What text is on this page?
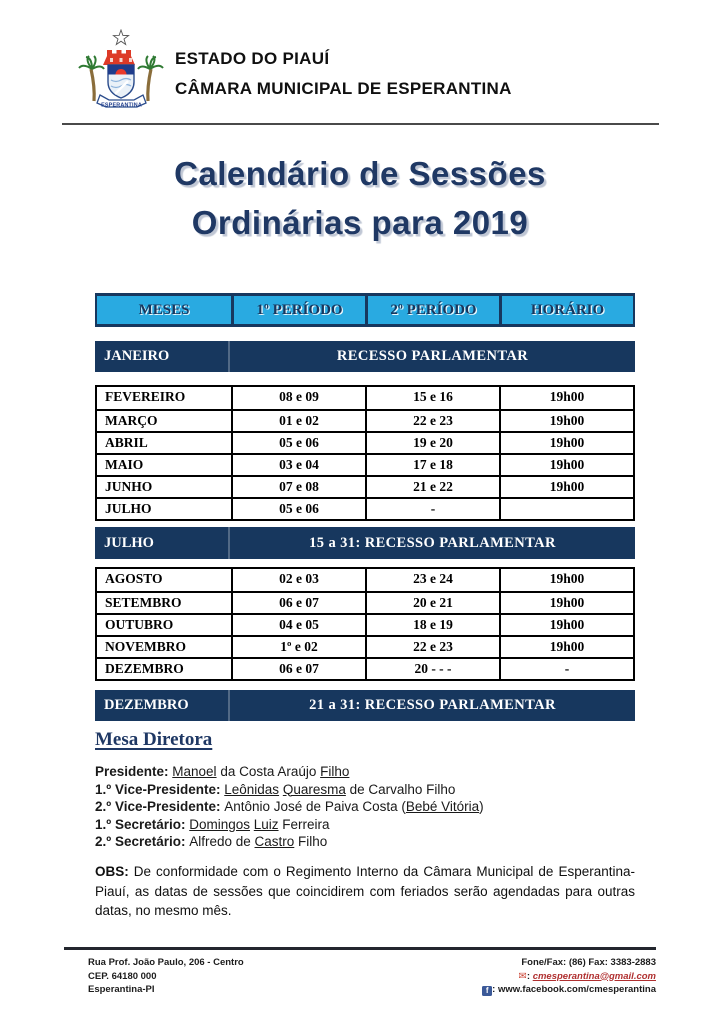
ESPERANTINA
ESTADO DO PIAUÍ
CÂMARA MUNICIPAL DE ESPERANTINA
Calendário de Sessões
Ordinárias para 2019
MESES	1º PERÍODO	2º PERÍODO	HORÁRIO
JANEIRO	RECESSO PARLAMENTAR
FEVEREIRO	08 e 09	15 e 16	19h00
MARÇO	01 e 02	22 e 23	19h00
ABRIL	05 e 06	19 e 20	19h00
MAIO	03 e 04	17 e 18	19h00
JUNHO	07 e 08	21 e 22	19h00
JULHO	05 e 06	-
JULHO	15 a 31: RECESSO PARLAMENTAR
AGOSTO	02 e 03	23 e 24	19h00
SETEMBRO	06 e 07	20 e 21	19h00
OUTUBRO	04 e 05	18 e 19	19h00
NOVEMBRO	1º e 02	22 e 23	19h00
DEZEMBRO	06 e 07	20 - - -	-
DEZEMBRO	21 a 31: RECESSO PARLAMENTAR
Mesa Diretora
Presidente: Manoel da Costa Araújo Filho
1.º Vice-Presidente: Leônidas Quaresma de Carvalho Filho
2.º Vice-Presidente: Antônio José de Paiva Costa (Bebé Vitória)
1.º Secretário: Domingos Luiz Ferreira
2.º Secretário: Alfredo de Castro Filho

OBS: De conformidade com o Regimento Interno da Câmara Municipal de Esperantina-Piauí, as datas de sessões que coincidirem com feriados serão agendadas para outras datas, no mesmo mês.

Rua Prof. João Paulo, 206 - Centro
CEP. 64180 000
Esperantina-PI
Fone/Fax: (86) Fax: 3383-2883
✉: cmesperantina@gmail.com
f : www.facebook.com/cmesperantina
